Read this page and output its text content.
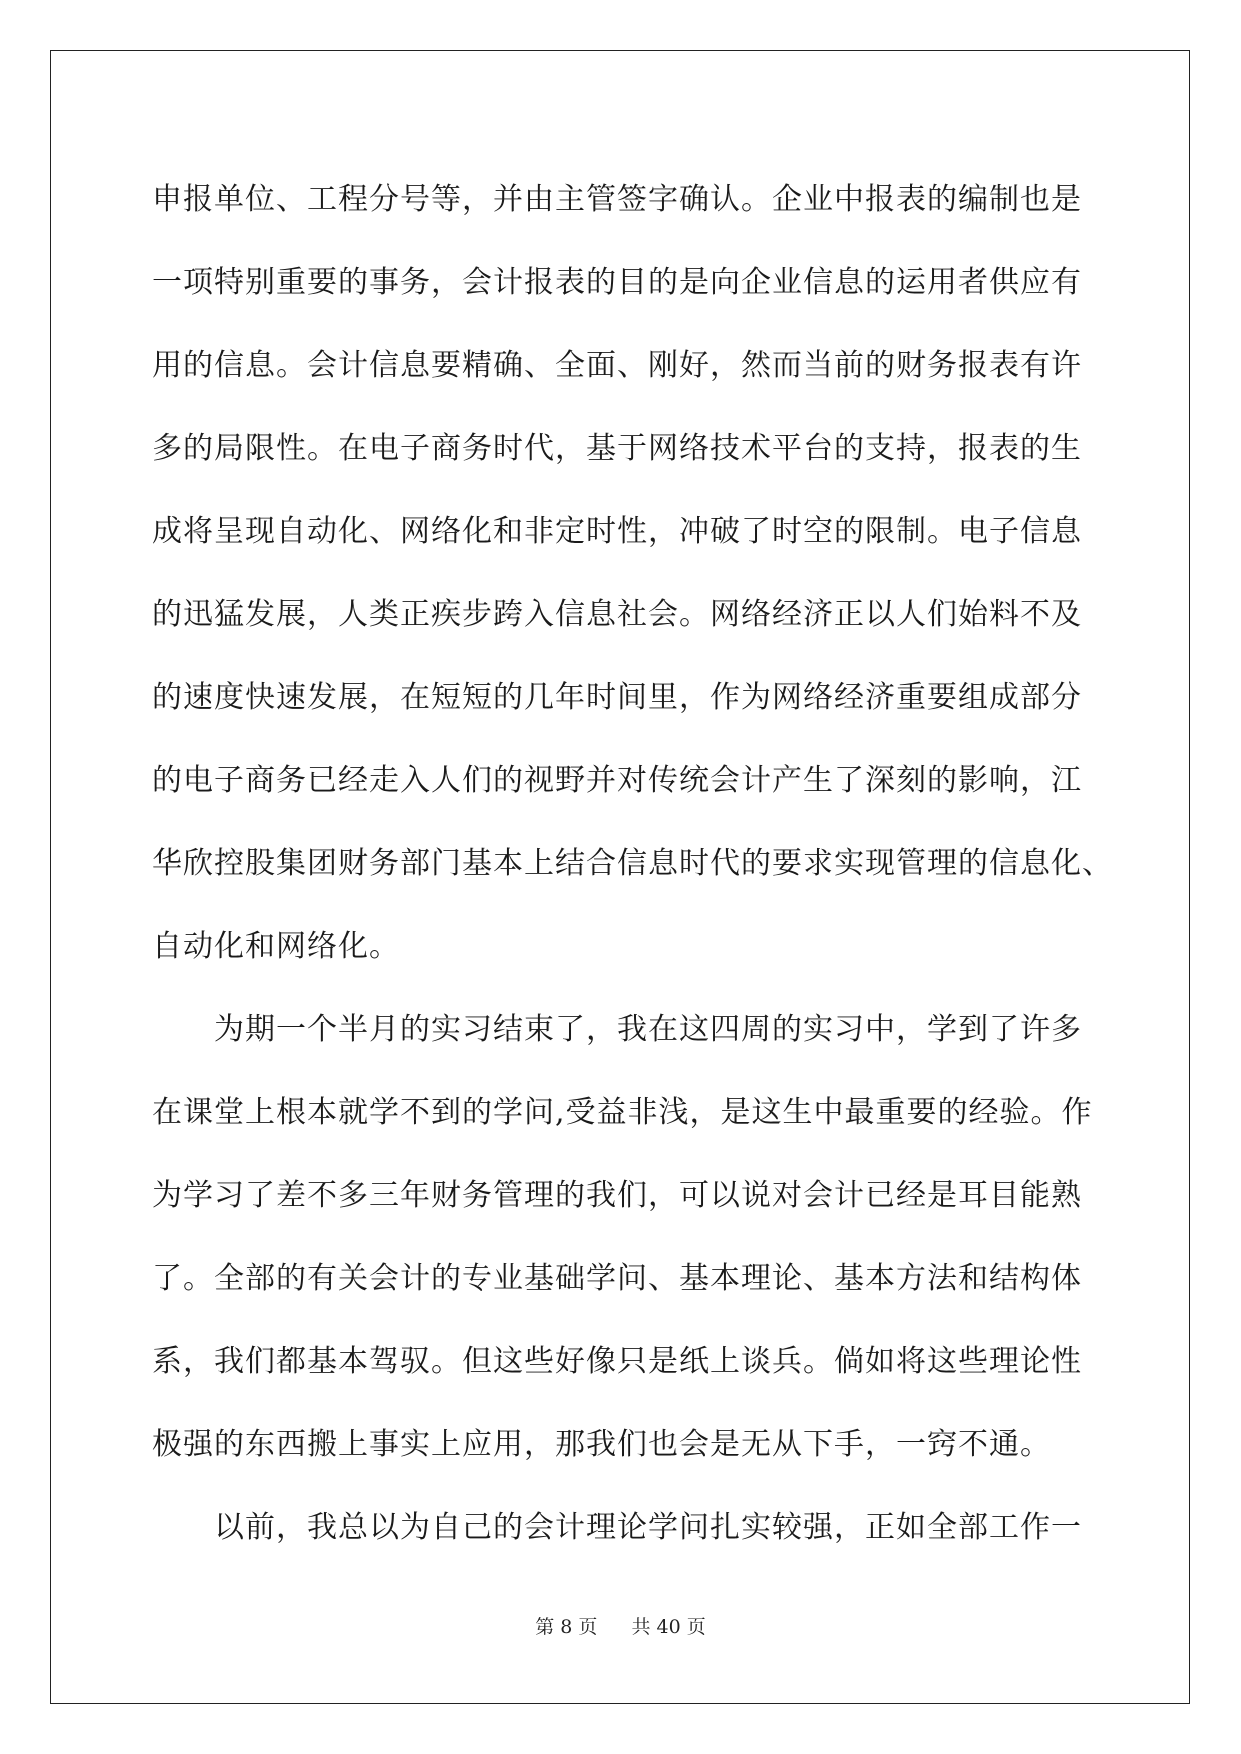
申报单位、工程分号等，并由主管签字确认。企业中报表的编制也是

一项特别重要的事务，会计报表的目的是向企业信息的运用者供应有

用的信息。会计信息要精确、全面、刚好，然而当前的财务报表有许

多的局限性。在电子商务时代，基于网络技术平台的支持，报表的生

成将呈现自动化、网络化和非定时性，冲破了时空的限制。电子信息

的迅猛发展，人类正疾步跨入信息社会。网络经济正以人们始料不及

的速度快速发展，在短短的几年时间里，作为网络经济重要组成部分

的电子商务已经走入人们的视野并对传统会计产生了深刻的影响，江

华欣控股集团财务部门基本上结合信息时代的要求实现管理的信息化、

自动化和网络化。

为期一个半月的实习结束了，我在这四周的实习中，学到了许多

在课堂上根本就学不到的学问,受益非浅，是这生中最重要的经验。作

为学习了差不多三年财务管理的我们，可以说对会计已经是耳目能熟

了。全部的有关会计的专业基础学问、基本理论、基本方法和结构体

系，我们都基本驾驭。但这些好像只是纸上谈兵。倘如将这些理论性

极强的东西搬上事实上应用，那我们也会是无从下手，一窍不通。

以前，我总以为自己的会计理论学问扎实较强，正如全部工作一

第 8 页 共 40 页
